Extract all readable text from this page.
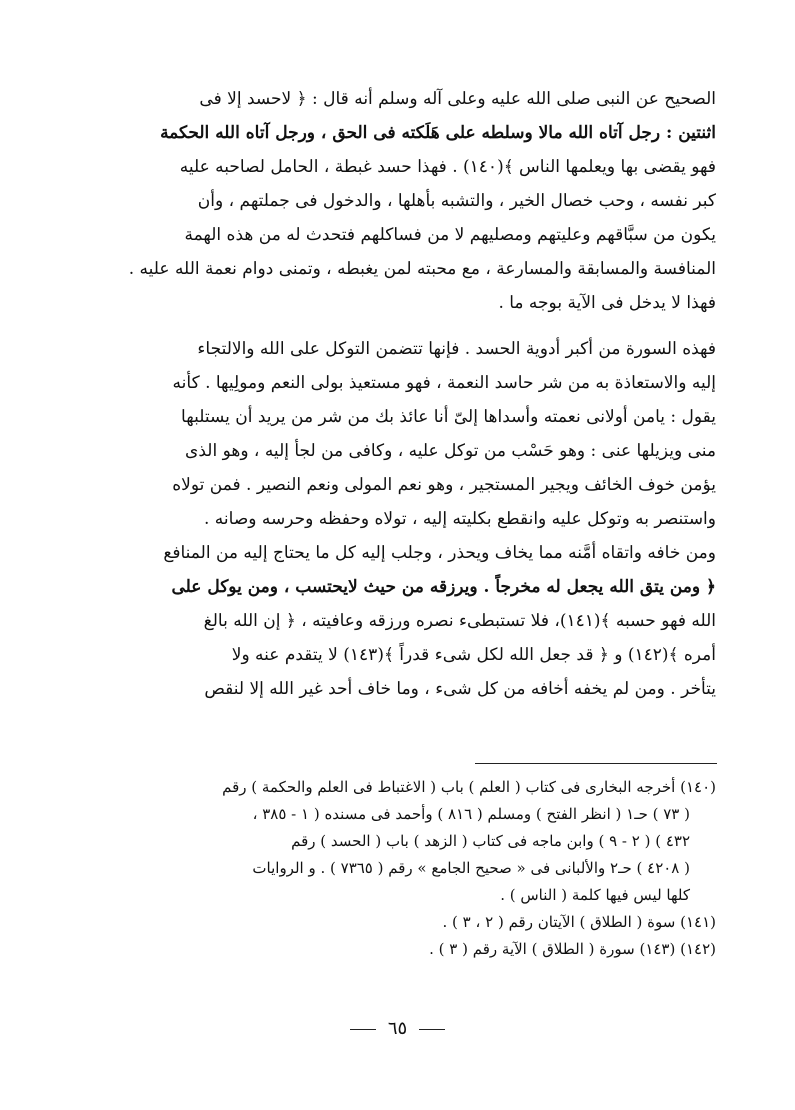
الصحيح عن النبى صلى الله عليه وعلى آله وسلم أنه قال : ﴿ لاحسد إلا فى

اثنتين : رجل آتاه الله مالا وسلطه على هَلَكته فى الحق ، ورجل آتاه الله الحكمة

فهو يقضى بها ويعلمها الناس ﴾(١٤٠) . فهذا حسد غبطة ، الحامل لصاحبه عليه

كبر نفسه ، وحب خصال الخير ، والتشبه بأهلها ، والدخول فى جملتهم ، وأن

يكون من سبَّاقهم وعليتهم ومصليهم لا من فساكلهم فتحدث له من هذه الهمة

المنافسة والمسابقة والمسارعة ، مع محبته لمن يغبطه ، وتمنى دوام نعمة الله عليه .

فهذا لا يدخل فى الآية بوجه ما .

فهذه السورة من أكبر أدوية الحسد . فإنها تتضمن التوكل على الله والالتجاء

إليه والاستعاذة به من شر حاسد النعمة ، فهو مستعيذ بولى النعم ومولِيها . كأنه

يقول : يامن أولانى نعمته وأسداها إلىّ أنا عائذ بك من شر من يريد أن يستلبها

منى ويزيلها عنى : وهو حَسْب من توكل عليه ، وكافى من لجأ إليه ، وهو الذى

يؤمن خوف الخائف ويجير المستجير ، وهو نعم المولى ونعم النصير . فمن تولاه

واستنصر به وتوكل عليه وانقطع بكليته إليه ، تولاه وحفظه وحرسه وصانه .

ومن خافه واتقاه أمَّنه مما يخاف ويحذر ، وجلب إليه كل ما يحتاج إليه من المنافع

﴿ ومن يتق الله يجعل له مخرجاً . ويرزقه من حيث لايحتسب ، ومن يوكل على

الله فهو حسبه ﴾(١٤١)، فلا تستبطىء نصره ورزقه وعافيته ، ﴿ إن الله بالغ

أمره ﴾(١٤٢) و ﴿ قد جعل الله لكل شىء قدراً ﴾(١٤٣) لا يتقدم عنه ولا

يتأخر . ومن لم يخفه أخافه من كل شىء ، وما خاف أحد غير الله إلا لنقص

(١٤٠) أخرجه البخارى فى كتاب ( العلم ) باب ( الاغتباط فى العلم والحكمة ) رقم

( ٧٣ ) حـ١ ( انظر الفتح ) ومسلم ( ٨١٦ ) وأحمد فى مسنده ( ١ - ٣٨٥ ،

٤٣٢ ) ( ٢ - ٩ ) وابن ماجه فى كتاب ( الزهد ) باب ( الحسد ) رقم

( ٤٢٠٨ ) حـ٢ والألبانى فى « صحيح الجامع » رقم ( ٧٣٦٥ ) . و الروايات

كلها ليس فيها كلمة ( الناس ) .

(١٤١) سوة ( الطلاق ) الآيتان رقم ( ٢ ، ٣ ) .

(١٤٢) (١٤٣) سورة ( الطلاق ) الآية رقم ( ٣ ) .

٦٥
